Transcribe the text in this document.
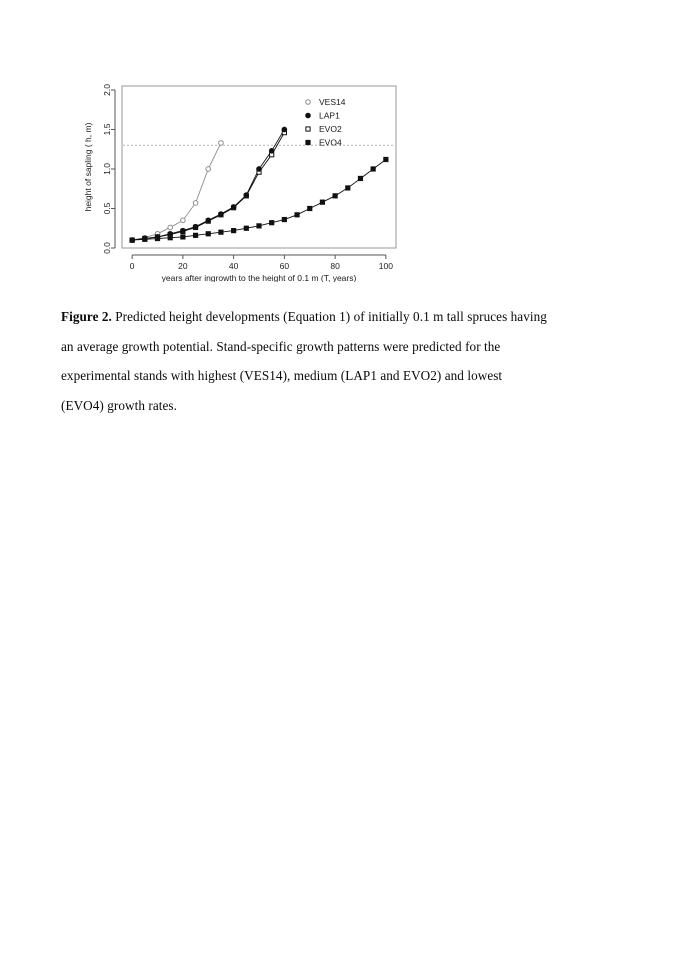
0.0
0.5
1.0
1.5
2.0
0	20	40	60	80	100
years after ingrowth to the height of 0.1 m (T, years)
height of sapling ( h, m)
VES14
LAP1
EVO2
EVO4
Figure 2. Predicted height developments (Equation 1) of initially 0.1 m tall spruces having an average growth potential. Stand-specific growth patterns were predicted for the experimental stands with highest (VES14), medium (LAP1 and EVO2) and lowest (EVO4) growth rates.
